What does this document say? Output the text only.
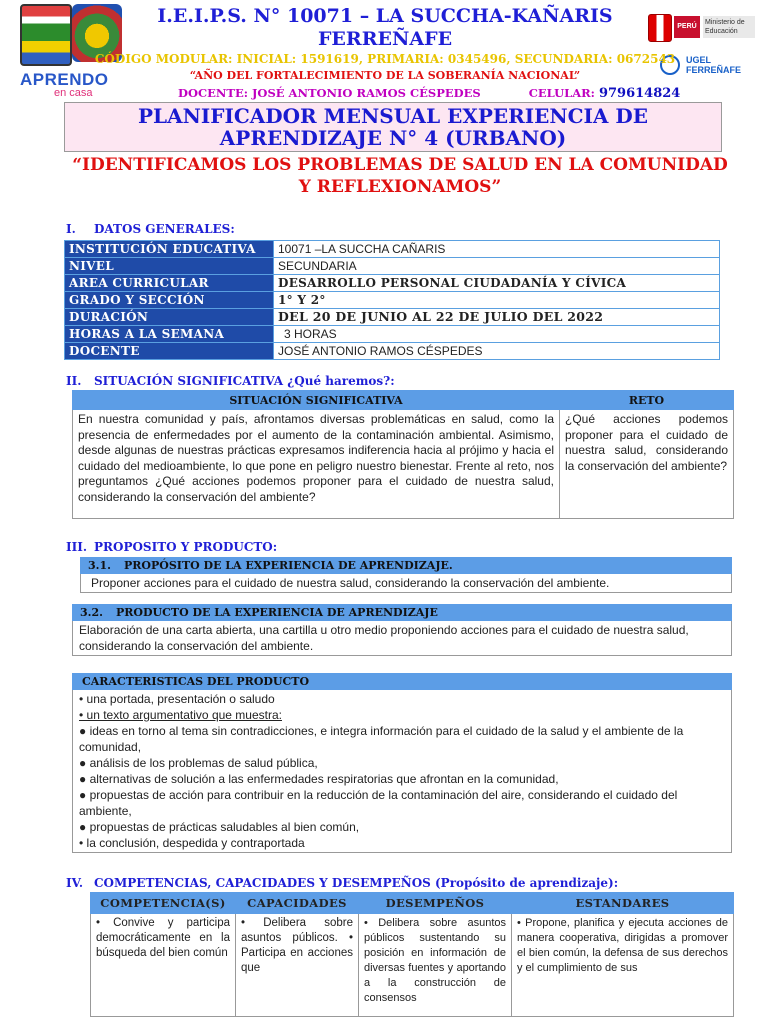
APRENDO
en casa
PERÚ
Ministerio de Educación
UGEL
FERREÑAFE
I.E.I.P.S. N° 10071 – LA SUCCHA-KAÑARIS
FERREÑAFE
CÓDIGO MODULAR: INICIAL: 1591619, PRIMARIA: 0345496, SECUNDARIA: 0672543
“AÑO DEL FORTALECIMIENTO DE LA SOBERANÍA NACIONAL”
DOCENTE: JOSÉ ANTONIO RAMOS CÉSPEDES	CELULAR: 979614824
PLANIFICADOR MENSUAL EXPERIENCIA DE
APRENDIZAJE N° 4 (URBANO)
“IDENTIFICAMOS LOS PROBLEMAS DE SALUD EN LA COMUNIDAD
Y REFLEXIONAMOS”
I. DATOS GENERALES:
INSTITUCIÓN EDUCATIVA	10071 –LA SUCCHA CAÑARIS
NIVEL	SECUNDARIA
AREA CURRICULAR	DESARROLLO PERSONAL CIUDADANÍA Y CÍVICA
GRADO Y SECCIÓN	1° Y 2°
DURACIÓN	DEL 20 DE JUNIO AL 22 DE JULIO DEL 2022
HORAS A LA SEMANA	3 HORAS
DOCENTE	JOSÉ ANTONIO RAMOS CÉSPEDES
II. SITUACIÓN SIGNIFICATIVA ¿Qué haremos?:
SITUACIÓN SIGNIFICATIVA	RETO
En nuestra comunidad y país, afrontamos diversas problemáticas en salud, como la presencia de enfermedades por el aumento de la contaminación ambiental. Asimismo, desde algunas de nuestras prácticas expresamos indiferencia hacia al prójimo y hacia el cuidado del medioambiente, lo que pone en peligro nuestro bienestar. Frente al reto, nos preguntamos ¿Qué acciones podemos proponer para el cuidado de nuestra salud, considerando la conservación del ambiente?	¿Qué acciones podemos proponer para el cuidado de nuestra salud, considerando la conservación del ambiente?
III. PROPOSITO Y PRODUCTO:
3.1. PROPÓSITO DE LA EXPERIENCIA DE APRENDIZAJE.
Proponer acciones para el cuidado de nuestra salud, considerando la conservación del ambiente.
3.2. PRODUCTO DE LA EXPERIENCIA DE APRENDIZAJE
Elaboración de una carta abierta, una cartilla u otro medio proponiendo acciones para el cuidado de nuestra salud, considerando la conservación del ambiente.
CARACTERISTICAS DEL PRODUCTO
• una portada, presentación o saludo
• un texto argumentativo que muestra:
● ideas en torno al tema sin contradicciones, e integra información para el cuidado de la salud y el ambiente de la comunidad,
● análisis de los problemas de salud pública,
● alternativas de solución a las enfermedades respiratorias que afrontan en la comunidad,
● propuestas de acción para contribuir en la reducción de la contaminación del aire, considerando el cuidado del ambiente,
● propuestas de prácticas saludables al bien común,
• la conclusión, despedida y contraportada
IV. COMPETENCIAS, CAPACIDADES Y DESEMPEÑOS (Propósito de aprendizaje):
COMPETENCIA(S)	CAPACIDADES	DESEMPEÑOS	ESTANDARES
• Convive y participa democráticamente en la búsqueda del bien común	• Delibera sobre asuntos públicos. • Participa en acciones que	• Delibera sobre asuntos públicos sustentando su posición en información de diversas fuentes y aportando a la construcción de consensos	• Propone, planifica y ejecuta acciones de manera cooperativa, dirigidas a promover el bien común, la defensa de sus derechos y el cumplimiento de sus
